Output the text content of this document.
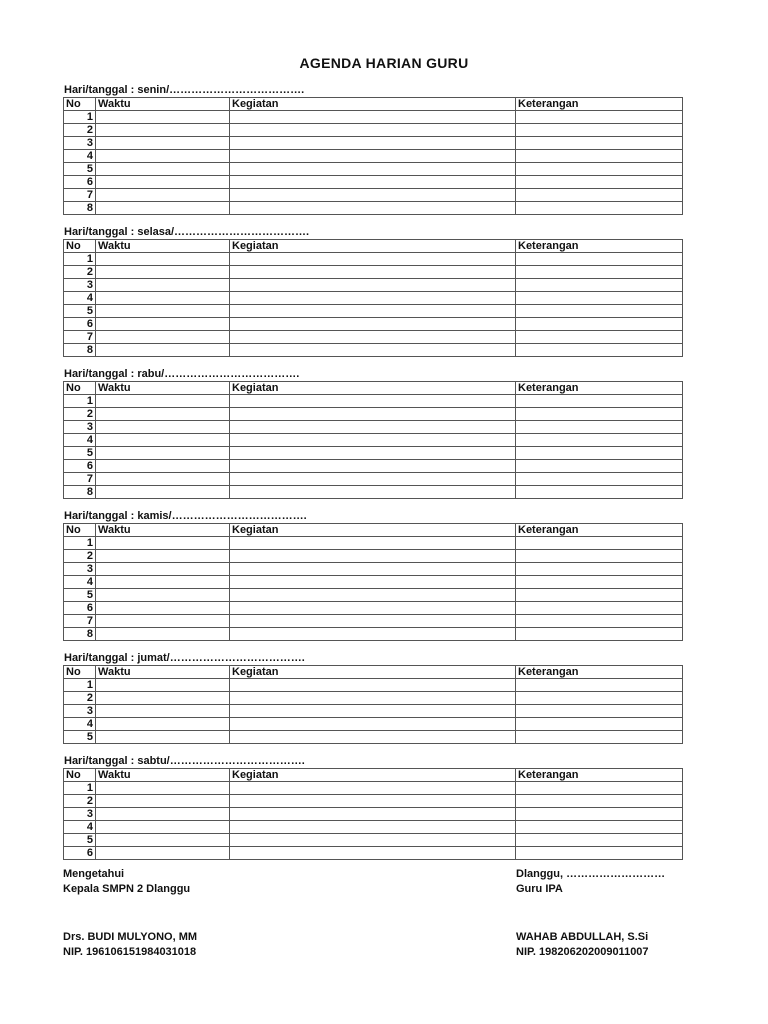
AGENDA HARIAN GURU
Hari/tanggal : senin/……………………………….
No	Waktu	Kegiatan	Keterangan
1			
2			
3			
4			
5			
6			
7			
8			
Hari/tanggal : selasa/……………………………….
No	Waktu	Kegiatan	Keterangan
1			
2			
3			
4			
5			
6			
7			
8			
Hari/tanggal : rabu/……………………………….
No	Waktu	Kegiatan	Keterangan
1			
2			
3			
4			
5			
6			
7			
8			
Hari/tanggal : kamis/……………………………….
No	Waktu	Kegiatan	Keterangan
1			
2			
3			
4			
5			
6			
7			
8			
Hari/tanggal : jumat/……………………………….
No	Waktu	Kegiatan	Keterangan
1			
2			
3			
4			
5			
Hari/tanggal : sabtu/……………………………….
No	Waktu	Kegiatan	Keterangan
1			
2			
3			
4			
5			
6			
Mengetahui
Kepala SMPN 2 Dlanggu
Drs. BUDI MULYONO, MM
NIP. 196106151984031018
Dlanggu, ………………………
Guru IPA
WAHAB ABDULLAH, S.Si
NIP. 198206202009011007
